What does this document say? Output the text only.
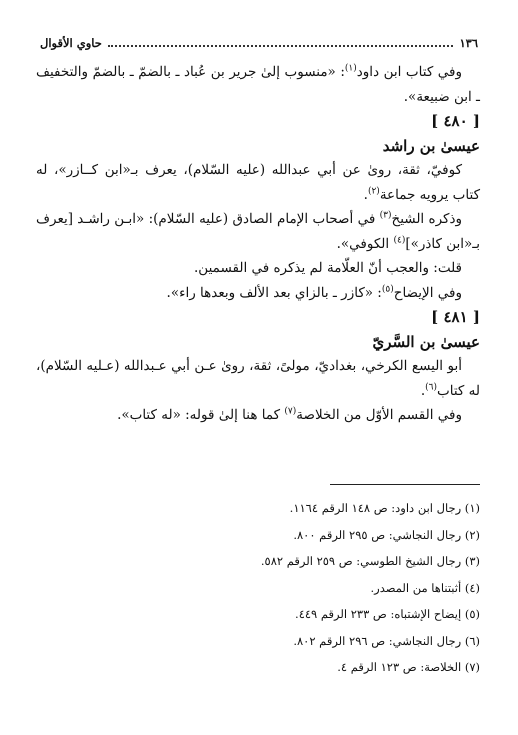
١٣٦
حاوي الأقوال

وفي كتاب ابن داود$^{(١)}$: «منسوب إلىٰ جرير بن عُباد ـ بالضمّ ـ بالضمّ والتخفيف ـ ابن ضبيعة».

[ ٤٨٠ ]

عيسىٰ بن راشد

كوفيّ، ثقة، روىٰ عن أبي عبدالله (عليه السّلام)، يعرف بـ«ابن كــازر»، له كتاب يرويه جماعة$^{(٢)}$.

وذكره الشيخ$^{(٣)}$ في أصحاب الإمام الصادق (عليه السّلام): «ابـن راشـد [يعرف بـ«ابن كاذر»]$^{(٤)}$ الكوفي».

قلت: والعجب أنّ العلّامة لم يذكره في القسمين.

وفي الإيضاح$^{(٥)}$: «كازر ـ بالزاي بعد الألف وبعدها راء».

[ ٤٨١ ]

عيسىٰ بن السَّريّ

أبو اليسع الكرخي، بغداديّ، مولىً، ثقة، روىٰ عـن أبي عـبدالله (عـليه السّلام)، له كتاب$^{(٦)}$.

وفي القسم الأوّل من الخلاصة$^{(٧)}$ كما هنا إلىٰ قوله: «له كتاب».

(١) رجال ابن داود: ص ١٤٨ الرقم ١١٦٤.
(٢) رجال النجاشي: ص ٢٩٥ الرقم ٨٠٠.
(٣) رجال الشيخ الطوسي: ص ٢٥٩ الرقم ٥٨٢.
(٤) أثبتناها من المصدر.
(٥) إيضاح الإشتباه: ص ٢٣٣ الرقم ٤٤٩.
(٦) رجال النجاشي: ص ٢٩٦ الرقم ٨٠٢.
(٧) الخلاصة: ص ١٢٣ الرقم ٤.
